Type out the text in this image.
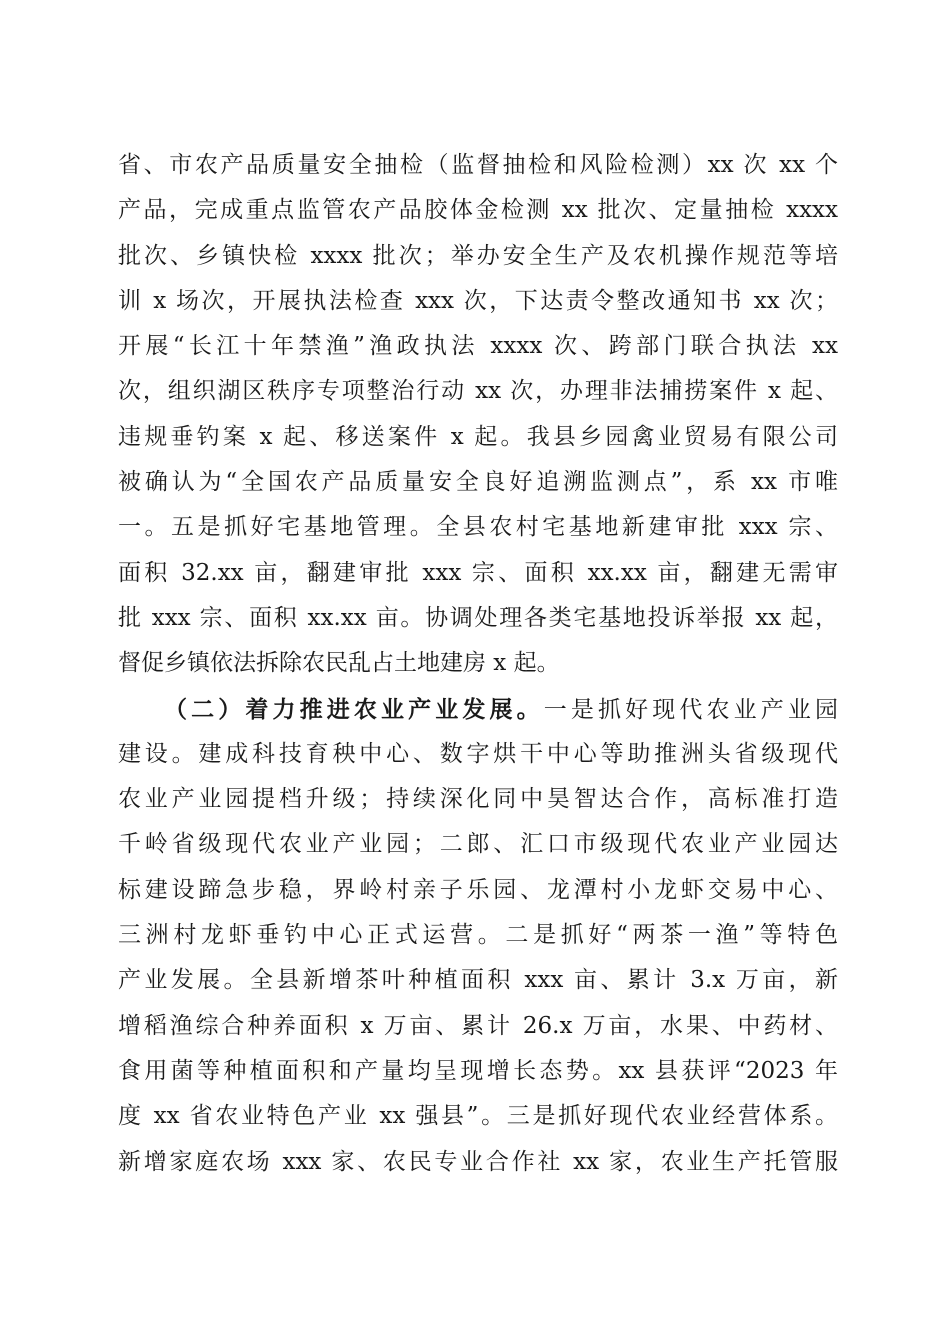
省、市农产品质量安全抽检（监督抽检和风险检测）xx 次 xx 个
产品，完成重点监管农产品胶体金检测 xx 批次、定量抽检 xxxx
批次、乡镇快检 xxxx 批次；举办安全生产及农机操作规范等培
训 x 场次，开展执法检查 xxx 次，下达责令整改通知书 xx 次；
开展“长江十年禁渔”渔政执法 xxxx 次、跨部门联合执法 xx
次，组织湖区秩序专项整治行动 xx 次，办理非法捕捞案件 x 起、
违规垂钓案 x 起、移送案件 x 起。我县乡园禽业贸易有限公司
被确认为“全国农产品质量安全良好追溯监测点”，系 xx 市唯
一。五是抓好宅基地管理。全县农村宅基地新建审批 xxx 宗、
面积 32.xx 亩，翻建审批 xxx 宗、面积 xx.xx 亩，翻建无需审
批 xxx 宗、面积 xx.xx 亩。协调处理各类宅基地投诉举报 xx 起，
督促乡镇依法拆除农民乱占土地建房 x 起。
（二）着力推进农业产业发展。一是抓好现代农业产业园
建设。建成科技育秧中心、数字烘干中心等助推洲头省级现代
农业产业园提档升级；持续深化同中昊智达合作，高标准打造
千岭省级现代农业产业园；二郎、汇口市级现代农业产业园达
标建设蹄急步稳，界岭村亲子乐园、龙潭村小龙虾交易中心、
三洲村龙虾垂钓中心正式运营。二是抓好“两茶一渔”等特色
产业发展。全县新增茶叶种植面积 xxx 亩、累计 3.x 万亩，新
增稻渔综合种养面积 x 万亩、累计 26.x 万亩，水果、中药材、
食用菌等种植面积和产量均呈现增长态势。xx 县获评“2023 年
度 xx 省农业特色产业 xx 强县”。三是抓好现代农业经营体系。
新增家庭农场 xxx 家、农民专业合作社 xx 家，农业生产托管服
